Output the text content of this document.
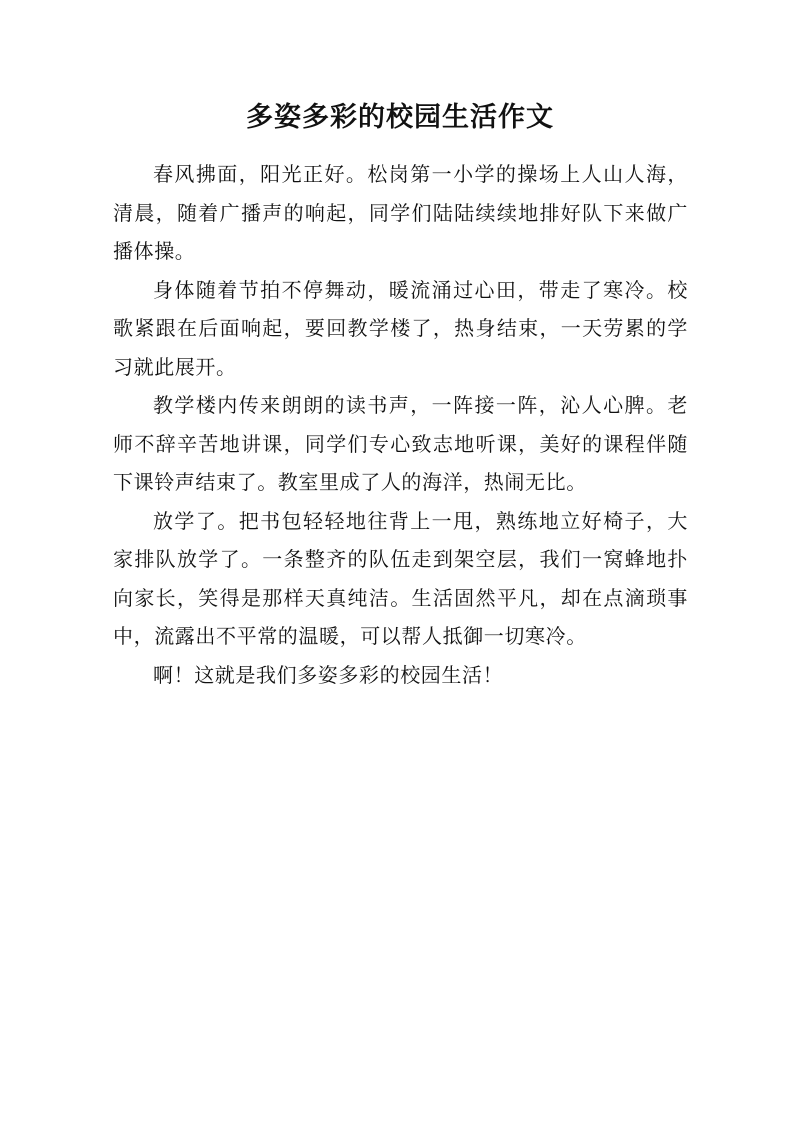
多姿多彩的校园生活作文

春风拂面，阳光正好。松岗第一小学的操场上人山人海，清晨，随着广播声的响起，同学们陆陆续续地排好队下来做广播体操。

身体随着节拍不停舞动，暖流涌过心田，带走了寒冷。校歌紧跟在后面响起，要回教学楼了，热身结束，一天劳累的学习就此展开。

教学楼内传来朗朗的读书声，一阵接一阵，沁人心脾。老师不辞辛苦地讲课，同学们专心致志地听课，美好的课程伴随下课铃声结束了。教室里成了人的海洋，热闹无比。

放学了。把书包轻轻地往背上一甩，熟练地立好椅子，大家排队放学了。一条整齐的队伍走到架空层，我们一窝蜂地扑向家长，笑得是那样天真纯洁。生活固然平凡，却在点滴琐事中，流露出不平常的温暖，可以帮人抵御一切寒冷。

啊！这就是我们多姿多彩的校园生活！
